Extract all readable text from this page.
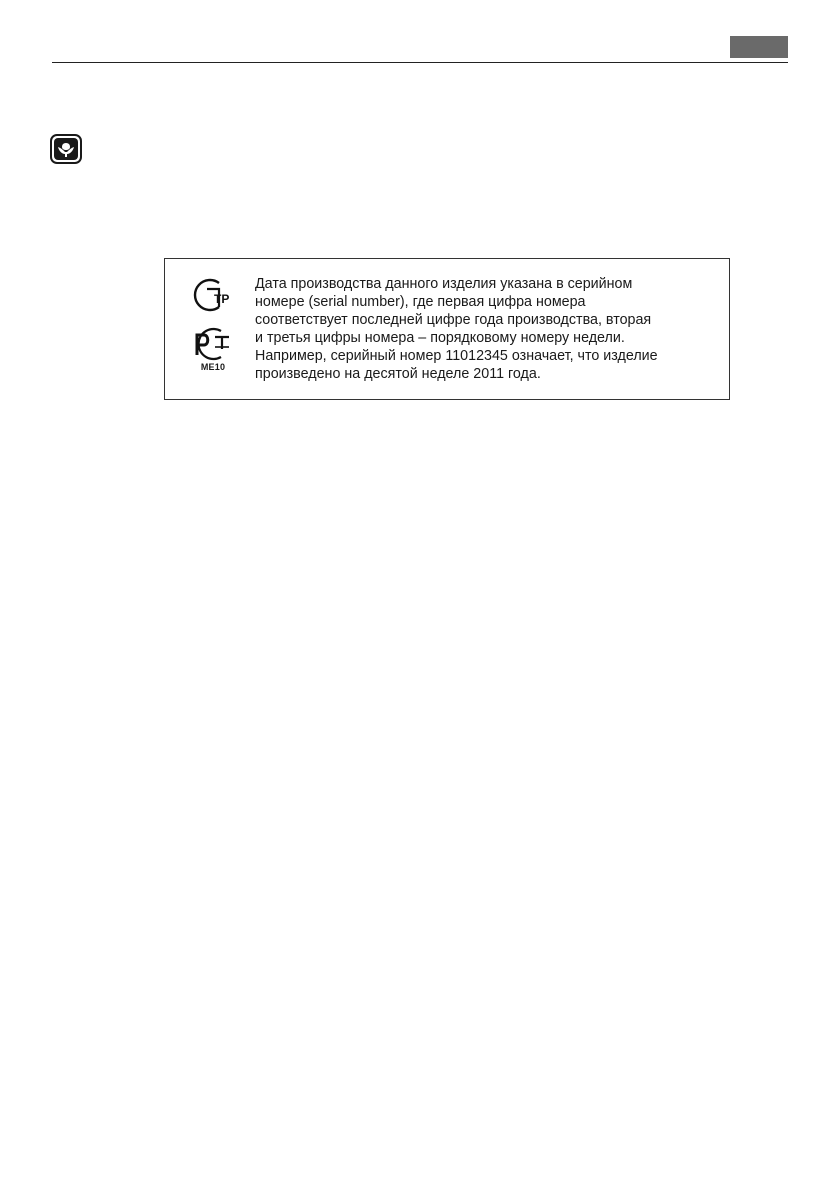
ТР
ME10
Дата производства данного изделия указана в серийном
номере (serial number), где первая цифра номера
соответствует последней цифре года производства, вторая
и третья цифры номера – порядковому номеру недели.
Например, серийный номер 11012345 означает, что изделие
произведено на десятой неделе 2011 года.
